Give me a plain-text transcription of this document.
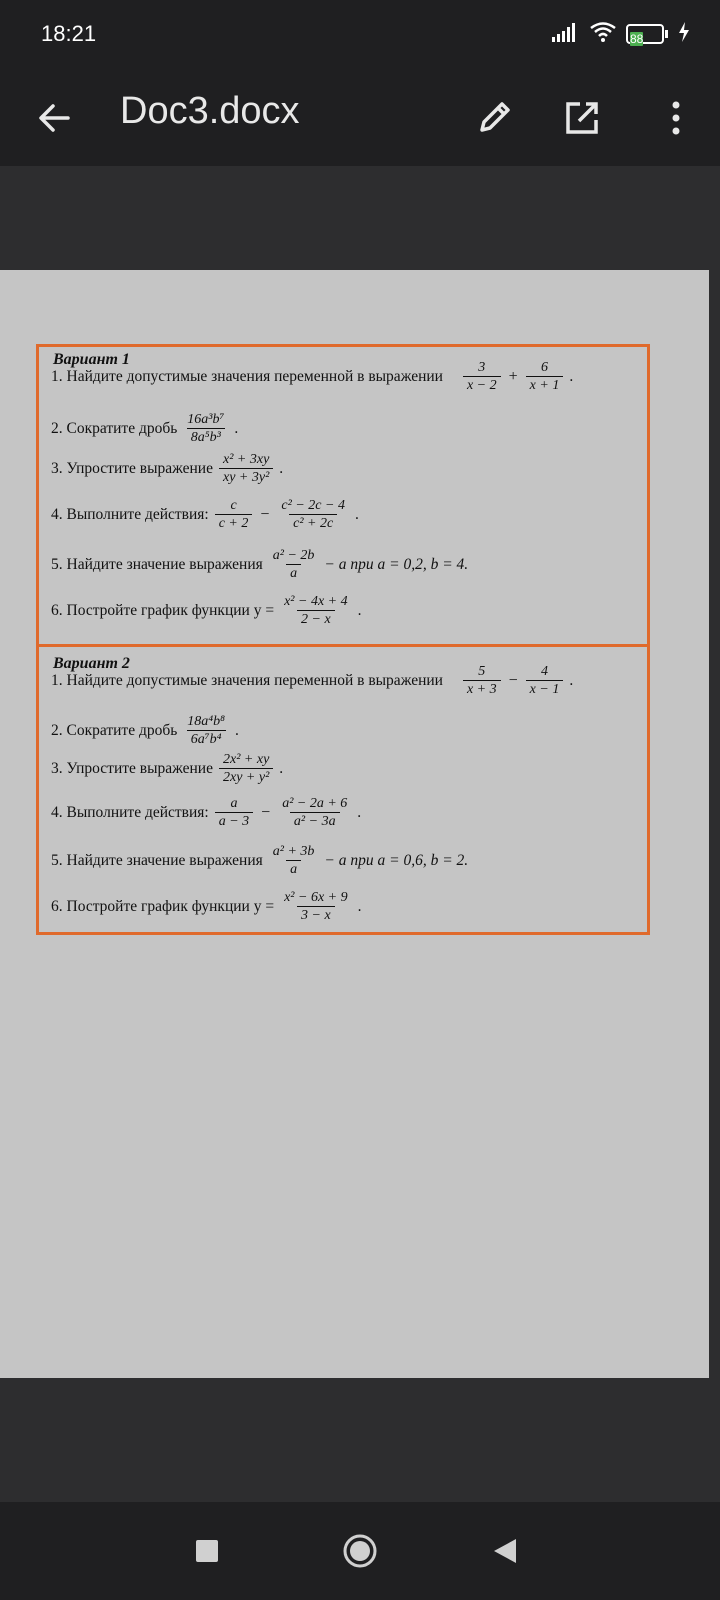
18:21	88
Doc3.docx
Вариант 1
1. Найдите допустимые значения переменной в выражении $\frac{3}{x - 2} + \frac{6}{x + 1}$ .
2. Сократите дробь $\frac{\text{16a³b⁷}}{\text{8a⁵b³}}$ .
3. Упростите выражение $\frac{\text{x² + 3xy}}{\text{xy + 3y²}}$ .
4. Выполните действия: $\frac{c}{c + 2} - \frac{\text{c² − 2c − 4}}{\text{c² + 2c}}$ .
5. Найдите значение выражения $\frac{\text{a² − 2b}}{a} - a$ при a = 0,2, b = 4.
6. Постройте график функции $y = \frac{\text{x² − 4x + 4}}{2 - x}$ .
Вариант 2
1. Найдите допустимые значения переменной в выражении $\frac{5}{x + 3} - \frac{4}{x - 1}$ .
2. Сократите дробь $\frac{\text{18a⁴b⁸}}{\text{6a⁷b⁴}}$ .
3. Упростите выражение $\frac{\text{2x² + xy}}{\text{2xy + y²}}$ .
4. Выполните действия: $\frac{a}{a - 3} - \frac{\text{a² − 2a + 6}}{\text{a² − 3a}}$ .
5. Найдите значение выражения $\frac{\text{a² + 3b}}{a} - a$ при a = 0,6, b = 2.
6. Постройте график функции $y = \frac{\text{x² − 6x + 9}}{3 - x}$ .
